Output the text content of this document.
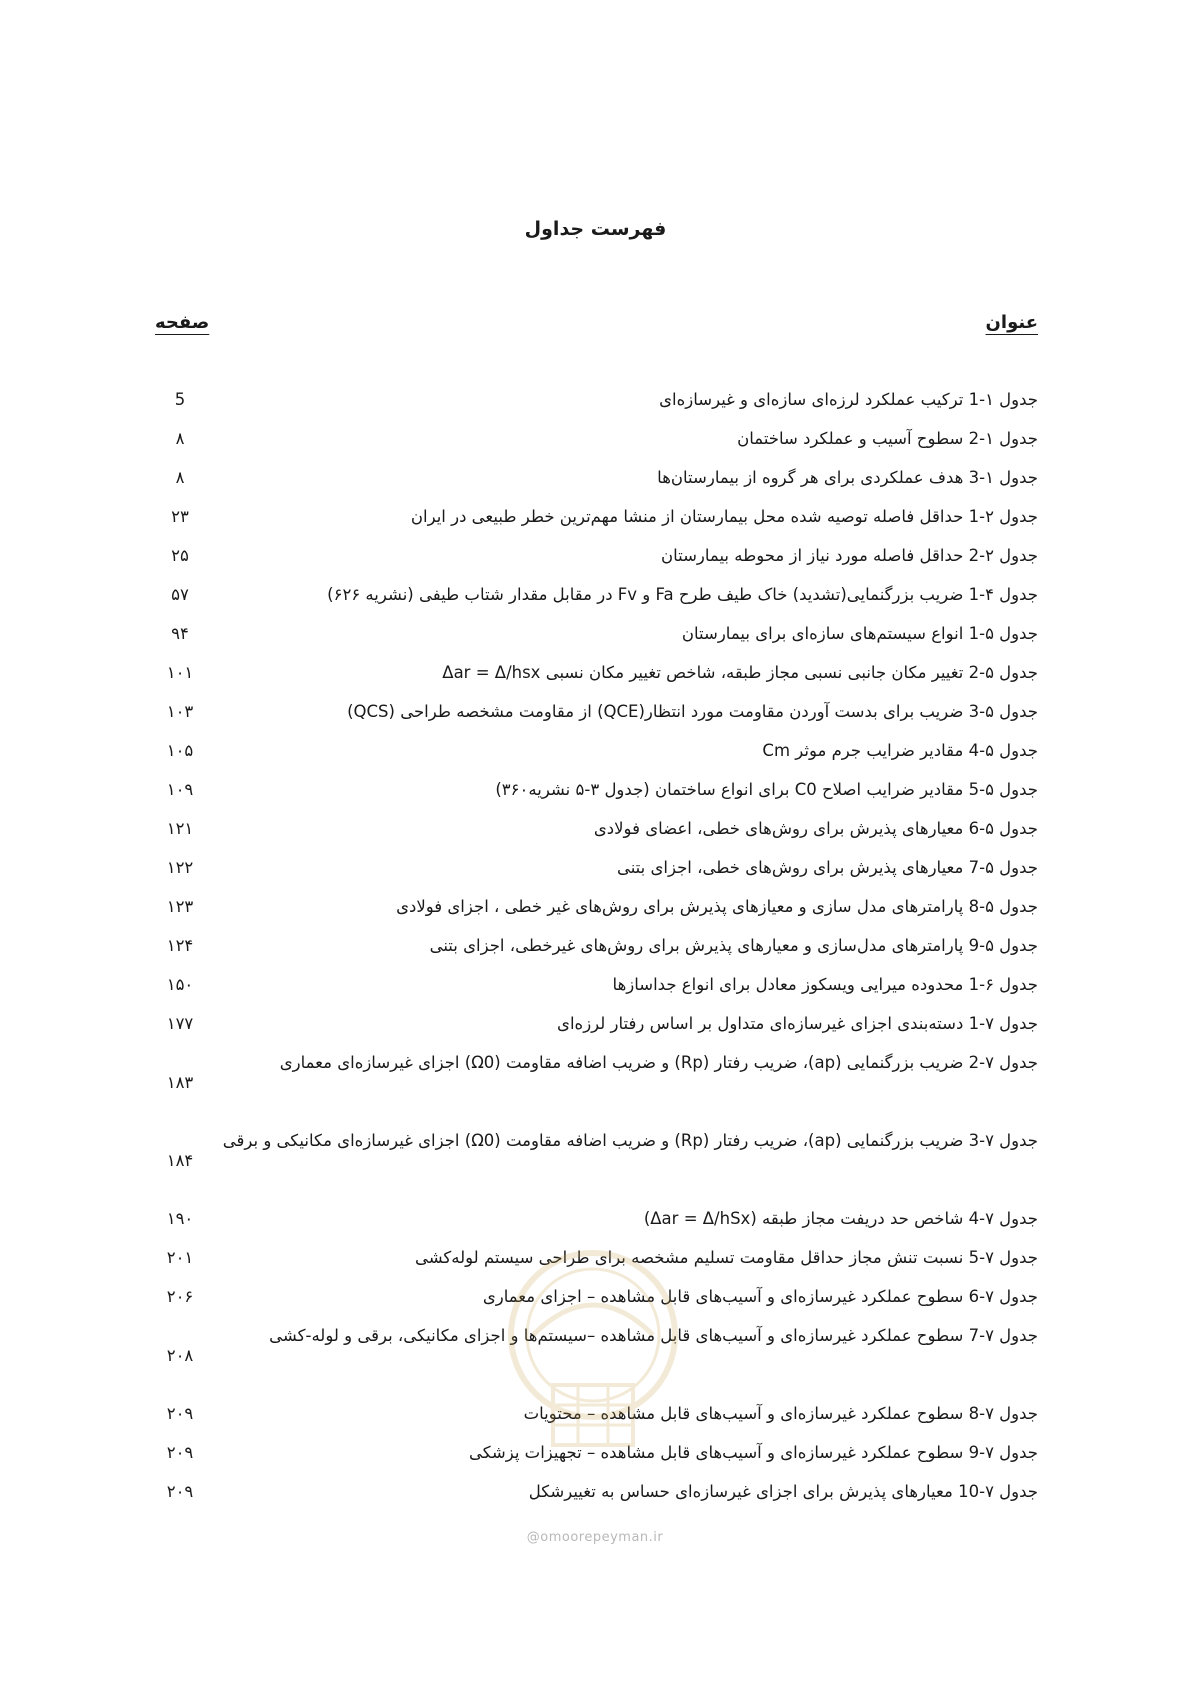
فهرست جداول
عنوان
صفحه
جدول ۱-1 ترکیب عملکرد لرزه‌ای سازه‌ای و غیرسازه‌ای
5
جدول ۱-2 سطوح آسیب و عملکرد ساختمان
۸
جدول ۱-3 هدف عملکردی برای هر گروه از بیمارستان‌ها
۸
جدول ۲-1 حداقل فاصله توصیه شده محل بیمارستان از منشا مهم‌ترین خطر طبیعی در ایران
۲۳
جدول ۲-2 حداقل فاصله مورد نیاز از محوطه بیمارستان
۲۵
جدول ۴-1 ضریب بزرگنمایی(تشدید) خاک طیف طرح Fa و Fv در مقابل مقدار شتاب طیفی (نشریه ۶۲۶)
۵۷
جدول ۵-1 انواع سیستم‌های سازه‌ای برای بیمارستان
۹۴
جدول ۵-2 تغییر مکان جانبی نسبی مجاز طبقه، شاخص تغییر مکان نسبی Δar = Δ/hsx
۱۰۱
جدول ۵-3 ضریب برای بدست آوردن مقاومت مورد انتظار(QCE) از مقاومت مشخصه طراحی (QCS)
۱۰۳
جدول ۵-4 مقادیر ضرایب جرم موثر Cm
۱۰۵
جدول ۵-5 مقادیر ضرایب اصلاح C0 برای انواع ساختمان (جدول ۳-۵ نشریه۳۶۰)
۱۰۹
جدول ۵-6 معیارهای پذیرش برای روش‌های خطی، اعضای فولادی
۱۲۱
جدول ۵-7 معیارهای پذیرش برای روش‌های خطی، اجزای بتنی
۱۲۲
جدول ۵-8 پارامترهای مدل سازی و معیازهای پذیرش برای روش‌های غیر خطی ، اجزای فولادی
۱۲۳
جدول ۵-9 پارامترهای مدل‌سازی و معیارهای پذیرش برای روش‌های غیرخطی، اجزای بتنی
۱۲۴
جدول ۶-1 محدوده میرایی ویسکوز معادل برای انواع جداسازها
۱۵۰
جدول ۷-1 دسته‌بندی اجزای غیرسازه‌ای متداول بر اساس رفتار لرزه‌ای
۱۷۷
جدول ۷-2 ضریب بزرگنمایی (ap)، ضریب رفتار (Rp) و ضریب اضافه مقاومت (Ω0) اجزای غیرسازه‌ای معماری
۱۸۳
جدول ۷-3 ضریب بزرگنمایی (ap)، ضریب رفتار (Rp) و ضریب اضافه مقاومت (Ω0) اجزای غیرسازه‌ای مکانیکی و برقی
۱۸۴
جدول ۷-4 شاخص حد دریفت مجاز طبقه (Δar = Δ/hSx)
۱۹۰
جدول ۷-5 نسبت تنش مجاز حداقل مقاومت تسلیم مشخصه برای طراحی سیستم لوله‌کشی
۲۰۱
جدول ۷-6 سطوح عملکرد غیرسازه‌ای و آسیب‌های قابل مشاهده – اجزای معماری
۲۰۶
جدول ۷-7 سطوح عملکرد غیرسازه‌ای و آسیب‌های قابل مشاهده –سیستم‌ها و اجزای مکانیکی، برقی و لوله-کشی
۲۰۸
جدول ۷-8 سطوح عملکرد غیرسازه‌ای و آسیب‌های قابل مشاهده – محتویات
۲۰۹
جدول ۷-9 سطوح عملکرد غیرسازه‌ای و آسیب‌های قابل مشاهده – تجهیزات پزشکی
۲۰۹
جدول ۷-10 معیارهای پذیرش برای اجزای غیرسازه‌ای حساس به تغییرشکل
۲۰۹
@omoorepeyman.ir
